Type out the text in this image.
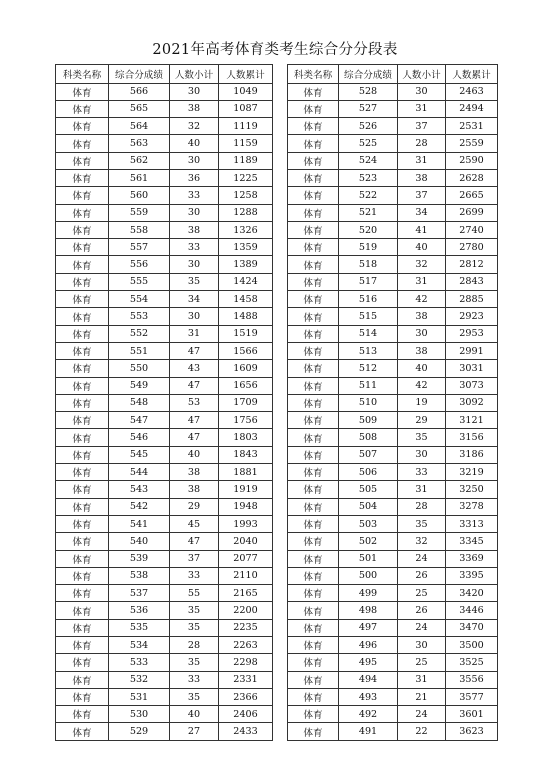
2021年高考体育类考生综合分分段表
科类名称	综合分成绩	人数小计	人数累计
体育	566	30	1049
体育	565	38	1087
体育	564	32	1119
体育	563	40	1159
体育	562	30	1189
体育	561	36	1225
体育	560	33	1258
体育	559	30	1288
体育	558	38	1326
体育	557	33	1359
体育	556	30	1389
体育	555	35	1424
体育	554	34	1458
体育	553	30	1488
体育	552	31	1519
体育	551	47	1566
体育	550	43	1609
体育	549	47	1656
体育	548	53	1709
体育	547	47	1756
体育	546	47	1803
体育	545	40	1843
体育	544	38	1881
体育	543	38	1919
体育	542	29	1948
体育	541	45	1993
体育	540	47	2040
体育	539	37	2077
体育	538	33	2110
体育	537	55	2165
体育	536	35	2200
体育	535	35	2235
体育	534	28	2263
体育	533	35	2298
体育	532	33	2331
体育	531	35	2366
体育	530	40	2406
体育	529	27	2433
科类名称	综合分成绩	人数小计	人数累计
体育	528	30	2463
体育	527	31	2494
体育	526	37	2531
体育	525	28	2559
体育	524	31	2590
体育	523	38	2628
体育	522	37	2665
体育	521	34	2699
体育	520	41	2740
体育	519	40	2780
体育	518	32	2812
体育	517	31	2843
体育	516	42	2885
体育	515	38	2923
体育	514	30	2953
体育	513	38	2991
体育	512	40	3031
体育	511	42	3073
体育	510	19	3092
体育	509	29	3121
体育	508	35	3156
体育	507	30	3186
体育	506	33	3219
体育	505	31	3250
体育	504	28	3278
体育	503	35	3313
体育	502	32	3345
体育	501	24	3369
体育	500	26	3395
体育	499	25	3420
体育	498	26	3446
体育	497	24	3470
体育	496	30	3500
体育	495	25	3525
体育	494	31	3556
体育	493	21	3577
体育	492	24	3601
体育	491	22	3623
